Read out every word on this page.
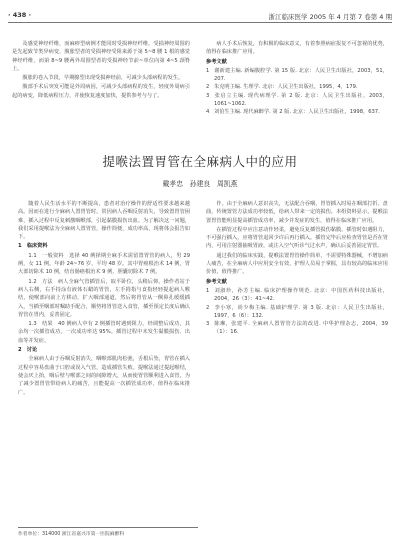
· 438 ·	浙江临床医学 2005 年 4 月第 7 卷第 4 期

及感觉神经纤维，而麻痹型病例才能同时受损神经纤维。受损神经周围的是先起致节类异病变，腹胀型者的受损神经受阻来源于第 5~8 腰 1 根的感觉神经纤维，而第 8~9 腰两外周围型者的受损神经节前~单位向第 4~5 颈脊上。

腹胀的卷入节段，早期腺型出现受损神经前，可减少头部病程的发生。

腹部手术后突发可能是外周病因，可减少头部病程的发生，轻度外周病引起的病变，降低病程压力，并使恢复速度加快，提供参考与与了。

病人手术后恢复，有积极的临床意义，有着参照病症报复不可忽视的优势，值得在临床推广应用。

参考文献

1 谢新建主编. 新编腹腔学. 第 15 版. 北京：人民卫生出版社，2003，51，207.

2 朱克明主编. 生理学. 北京：人民卫生出版社，1995，4，179.

3 张启立主编. 现代病理学. 第 2 版. 北京：人民卫生出版社，2003，1061~1062.

4 刘伯生主编. 现代麻醉学. 第 2 版. 北京：人民卫生出版社，1998，637.

提喉法置胃管在全麻病人中的应用
戴孝忠　孙建良　周凯燕

随着人民生活水平的不断提高，患者对治疗操作的舒适性要求越来越高。因而在进行全麻病人置胃管时，常因病人吞咽反射消失，导致置胃管困难，插入过程中反复刺激咽喉部，引起黏膜损伤出血。为了解决这一问题，我们采用提喉法为全麻病人置胃管，操作简便，成功率高，现将体会报告如下。

1　临床资料

1.1　一般资料　选择 40 例择期全麻手术需留置胃管的病人，男 29 例，女 11 例，年龄 24~76 岁，平均 48 岁。其中胃癌根治术 14 例，胃大部切除术 10 例，结直肠癌根治术 9 例，胆囊切除术 7 例。

1.2　方法　病人全麻气管插管后，取平卧位，头稍后仰。操作者站于病人右侧，右手持涂有液体石蜡的胃管，左手拇指与食指轻轻提起病人喉结，使喉部向前上方移动，扩大咽部通道，然后将胃管从一侧鼻孔缓缓插入，当插至咽部时嘱助手配合，顺势将胃管送入食管，插至预定长度后确认胃管在胃内，妥善固定。

1.3　结果　40 例病人中有 2 例插管时遇到阻力，经调整后成功，其余均一次插管成功，一次成功率达 95%。插管过程中未发生黏膜损伤、出血等并发症。

2　讨论

全麻病人由于吞咽反射消失，咽喉部肌肉松弛，舌根后坠，胃管在插入过程中容易盘曲于口腔或误入气管，造成插管失败。提喉法通过提起喉结，使会厌上抬，咽后壁与喉部之间的间隙增大，从而使胃管顺利进入食管，为了减少置胃管带给病人的痛苦，且能提高一次插管成功率，值得在临床推广。

作。由于全麻病人意识丧失，无法配合吞咽，胃管插入时易在咽部打折、盘曲，传统置管方法成功率较低，给病人带来一定的损伤。本组资料显示，提喉法置胃管能明显提高插管成功率，减少并发症的发生，值得在临床推广应用。

在插管过程中应注意动作轻柔，避免反复插管损伤黏膜。插管时如遇阻力，不可强行插入，应将胃管退回少许后再行插入。插管完毕后应检查胃管是否在胃内，可用注射器抽吸胃液，或注入空气听诊气过水声，确认后妥善固定胃管。

通过我们的临床实践，提喉法置胃管操作简单，不需要特殊器械，不增加病人痛苦，在全麻病人中应用安全有效，护理人员易于掌握，具有较高的临床应用价值，值得推广。

参考文献

1 刘淑珍，孙芳主编. 临床护理操作规范. 北京：中国医药科技出版社，2004，26（3）：41~42.

2 李小寒，尚少梅主编. 基础护理学. 第 3 版. 北京：人民卫生出版社，1997，6（6）：132.

3 陈琳，张建平. 全麻病人置胃管方法的改进. 中华护理杂志，2004，39（1）：16.

作者单位：314000 浙江省嘉兴市第一医院麻醉科
